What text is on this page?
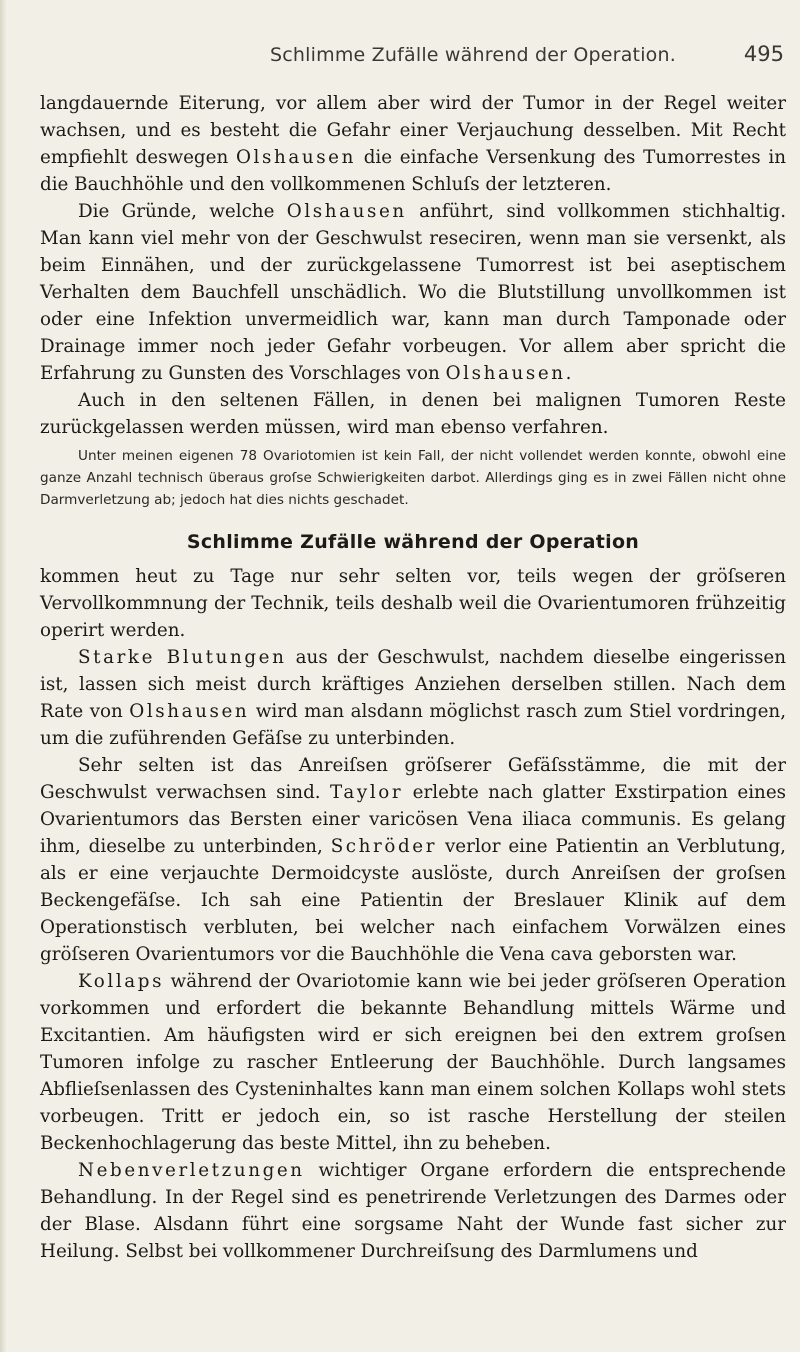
Schlimme Zufälle während der Operation.	495

langdauernde Eiterung, vor allem aber wird der Tumor in der Regel weiter wachsen, und es besteht die Gefahr einer Verjauchung desselben. Mit Recht empfiehlt deswegen Olshausen die einfache Versenkung des Tumorrestes in die Bauchhöhle und den vollkommenen Schluſs der letzteren.

Die Gründe, welche Olshausen anführt, sind vollkommen stichhaltig. Man kann viel mehr von der Geschwulst reseciren, wenn man sie versenkt, als beim Einnähen, und der zurückgelassene Tumorrest ist bei aseptischem Verhalten dem Bauchfell unschädlich. Wo die Blutstillung unvollkommen ist oder eine Infektion unvermeidlich war, kann man durch Tamponade oder Drainage immer noch jeder Gefahr vorbeugen. Vor allem aber spricht die Erfahrung zu Gunsten des Vorschlages von Olshausen.

Auch in den seltenen Fällen, in denen bei malignen Tumoren Reste zurückgelassen werden müssen, wird man ebenso verfahren.

Unter meinen eigenen 78 Ovariotomien ist kein Fall, der nicht vollendet werden konnte, obwohl eine ganze Anzahl technisch überaus groſse Schwierigkeiten darbot. Allerdings ging es in zwei Fällen nicht ohne Darmverletzung ab; jedoch hat dies nichts geschadet.

Schlimme Zufälle während der Operation

kommen heut zu Tage nur sehr selten vor, teils wegen der gröſseren Vervollkommnung der Technik, teils deshalb weil die Ovarientumoren frühzeitig operirt werden.

Starke Blutungen aus der Geschwulst, nachdem dieselbe eingerissen ist, lassen sich meist durch kräftiges Anziehen derselben stillen. Nach dem Rate von Olshausen wird man alsdann möglichst rasch zum Stiel vordringen, um die zuführenden Gefäſse zu unterbinden.

Sehr selten ist das Anreiſsen gröſserer Gefäſsstämme, die mit der Geschwulst verwachsen sind. Taylor erlebte nach glatter Exstirpation eines Ovarientumors das Bersten einer varicösen Vena iliaca communis. Es gelang ihm, dieselbe zu unterbinden, Schröder verlor eine Patientin an Verblutung, als er eine verjauchte Dermoidcyste auslöste, durch Anreiſsen der groſsen Beckengefäſse. Ich sah eine Patientin der Breslauer Klinik auf dem Operationstisch verbluten, bei welcher nach einfachem Vorwälzen eines gröſseren Ovarientumors vor die Bauchhöhle die Vena cava geborsten war.

Kollaps während der Ovariotomie kann wie bei jeder gröſseren Operation vorkommen und erfordert die bekannte Behandlung mittels Wärme und Excitantien. Am häufigsten wird er sich ereignen bei den extrem groſsen Tumoren infolge zu rascher Entleerung der Bauchhöhle. Durch langsames Abflieſsenlassen des Cysteninhaltes kann man einem solchen Kollaps wohl stets vorbeugen. Tritt er jedoch ein, so ist rasche Herstellung der steilen Beckenhochlagerung das beste Mittel, ihn zu beheben.

Nebenverletzungen wichtiger Organe erfordern die entsprechende Behandlung. In der Regel sind es penetrirende Verletzungen des Darmes oder der Blase. Alsdann führt eine sorgsame Naht der Wunde fast sicher zur Heilung. Selbst bei vollkommener Durchreiſsung des Darmlumens und
